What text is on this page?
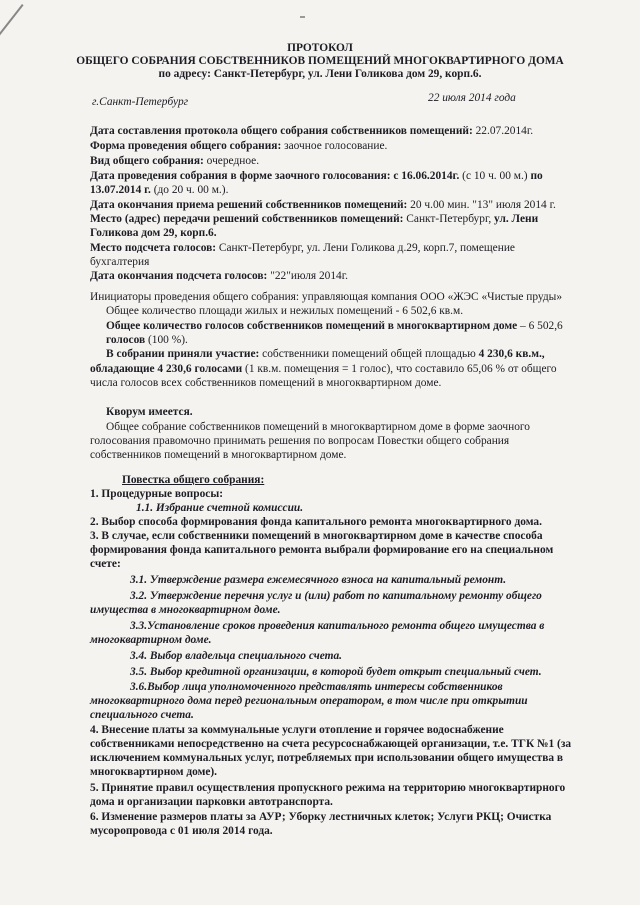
ПРОТОКОЛ
ОБЩЕГО СОБРАНИЯ СОБСТВЕННИКОВ ПОМЕЩЕНИЙ МНОГОКВАРТИРНОГО ДОМА
по адресу: Санкт-Петербург, ул. Лени Голикова дом 29, корп.6.
г.Санкт-Петербург	22 июля 2014 года
Дата составления протокола общего собрания собственников помещений: 22.07.2014г.
Форма проведения общего собрания: заочное голосование.
Вид общего собрания: очередное.
Дата проведения собрания в форме заочного голосования: с 16.06.2014г. (с 10 ч. 00 м.) по
13.07.2014 г. (до 20 ч. 00 м.).
Дата окончания приема решений собственников помещений: 20 ч.00 мин. "13" июля 2014 г.
Место (адрес) передачи решений собственников помещений: Санкт-Петербург, ул. Лени
Голикова дом 29, корп.6.
Место подсчета голосов: Санкт-Петербург, ул. Лени Голикова д.29, корп.7, помещение
бухгалтерия
Дата окончания подсчета голосов: "22"июля 2014г.
Инициаторы проведения общего собрания: управляющая компания ООО «ЖЭС «Чистые пруды»
Общее количество площади жилых и нежилых помещений - 6 502,6 кв.м.
Общее количество голосов собственников помещений в многоквартирном доме – 6 502,6
голосов (100 %).
В собрании приняли участие: собственники помещений общей площадью 4 230,6 кв.м.,
обладающие 4 230,6 голосами (1 кв.м. помещения = 1 голос), что составило 65,06 % от общего
числа голосов всех собственников помещений в многоквартирном доме.
Кворум имеется.
Общее собрание собственников помещений в многоквартирном доме в форме заочного
голосования правомочно принимать решения по вопросам Повестки общего собрания
собственников помещений в многоквартирном доме.
Повестка общего собрания:
1. Процедурные вопросы:
1.1. Избрание счетной комиссии.
2. Выбор способа формирования фонда капитального ремонта многоквартирного дома.
3. В случае, если собственники помещений в многоквартирном доме в качестве способа
формирования фонда капитального ремонта выбрали формирование его на специальном
счете:
3.1. Утверждение размера ежемесячного взноса на капитальный ремонт.
3.2. Утверждение перечня услуг и (или) работ по капитальному ремонту общего
имущества в многоквартирном доме.
3.3.Установление сроков проведения капитального ремонта общего имущества в
многоквартирном доме.
3.4. Выбор владельца специального счета.
3.5. Выбор кредитной организации, в которой будет открыт специальный счет.
3.6.Выбор лица уполномоченного представлять интересы собственников
многоквартирного дома перед региональным оператором, в том числе при открытии
специального счета.
4. Внесение платы за коммунальные услуги отопление и горячее водоснабжение
собственниками непосредственно на счета ресурсоснабжающей организации, т.е. ТГК №1 (за
исключением коммунальных услуг, потребляемых при использовании общего имущества в
многоквартирном доме).
5. Принятие правил осуществления пропускного режима на территорию многоквартирного
дома и организации парковки автотранспорта.
6. Изменение размеров платы за АУР; Уборку лестничных клеток; Услуги РКЦ; Очистка
мусоропровода с 01 июля 2014 года.
